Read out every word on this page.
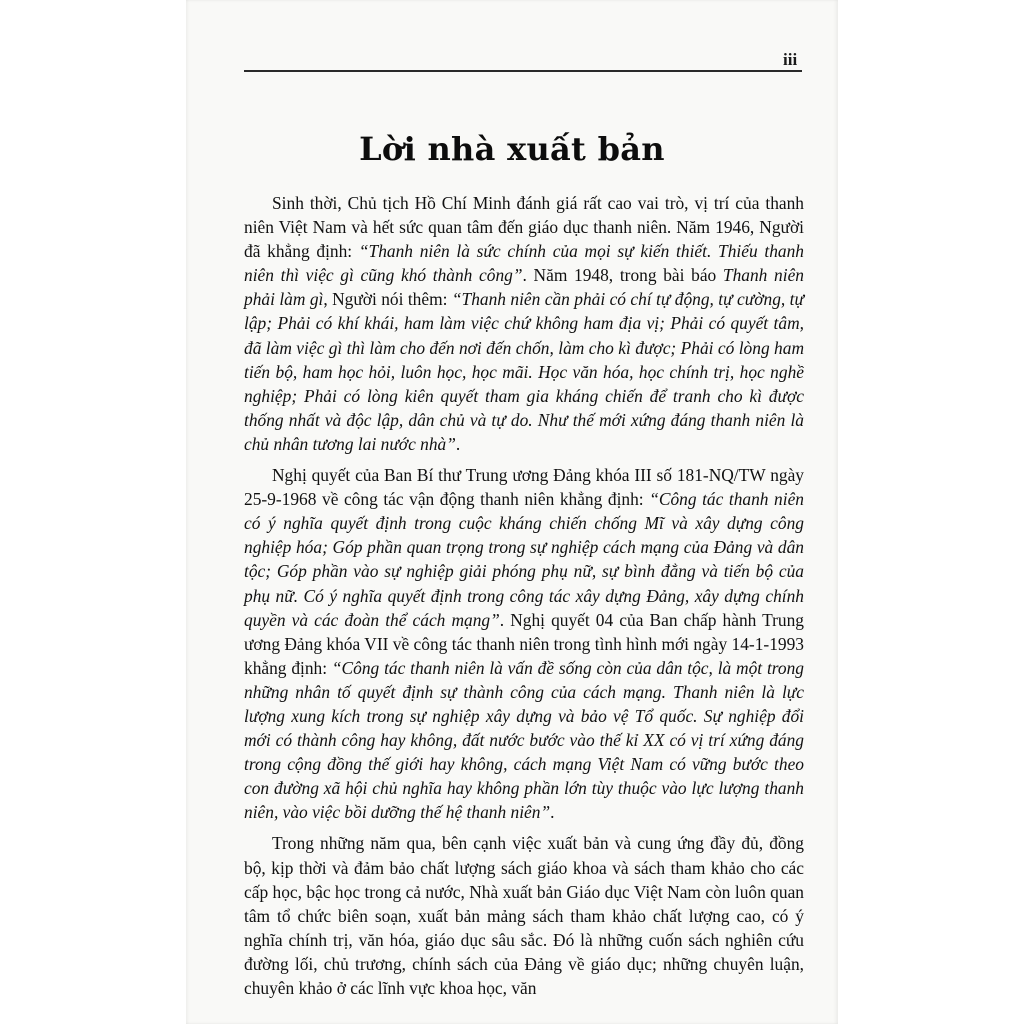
iii
Lời nhà xuất bản

Sinh thời, Chủ tịch Hồ Chí Minh đánh giá rất cao vai trò, vị trí của thanh niên Việt Nam và hết sức quan tâm đến giáo dục thanh niên. Năm 1946, Người đã khẳng định: “Thanh niên là sức chính của mọi sự kiến thiết. Thiếu thanh niên thì việc gì cũng khó thành công”. Năm 1948, trong bài báo Thanh niên phải làm gì, Người nói thêm: “Thanh niên cần phải có chí tự động, tự cường, tự lập; Phải có khí khái, ham làm việc chứ không ham địa vị; Phải có quyết tâm, đã làm việc gì thì làm cho đến nơi đến chốn, làm cho kì được; Phải có lòng ham tiến bộ, ham học hỏi, luôn học, học mãi. Học văn hóa, học chính trị, học nghề nghiệp; Phải có lòng kiên quyết tham gia kháng chiến để tranh cho kì được thống nhất và độc lập, dân chủ và tự do. Như thế mới xứng đáng thanh niên là chủ nhân tương lai nước nhà”.

Nghị quyết của Ban Bí thư Trung ương Đảng khóa III số 181-NQ/TW ngày 25-9-1968 về công tác vận động thanh niên khẳng định: “Công tác thanh niên có ý nghĩa quyết định trong cuộc kháng chiến chống Mĩ và xây dựng công nghiệp hóa; Góp phần quan trọng trong sự nghiệp cách mạng của Đảng và dân tộc; Góp phần vào sự nghiệp giải phóng phụ nữ, sự bình đẳng và tiến bộ của phụ nữ. Có ý nghĩa quyết định trong công tác xây dựng Đảng, xây dựng chính quyền và các đoàn thể cách mạng”. Nghị quyết 04 của Ban chấp hành Trung ương Đảng khóa VII về công tác thanh niên trong tình hình mới ngày 14-1-1993 khẳng định: “Công tác thanh niên là vấn đề sống còn của dân tộc, là một trong những nhân tố quyết định sự thành công của cách mạng. Thanh niên là lực lượng xung kích trong sự nghiệp xây dựng và bảo vệ Tổ quốc. Sự nghiệp đổi mới có thành công hay không, đất nước bước vào thế kỉ XX có vị trí xứng đáng trong cộng đồng thế giới hay không, cách mạng Việt Nam có vững bước theo con đường xã hội chủ nghĩa hay không phần lớn tùy thuộc vào lực lượng thanh niên, vào việc bồi dưỡng thế hệ thanh niên”.

Trong những năm qua, bên cạnh việc xuất bản và cung ứng đầy đủ, đồng bộ, kịp thời và đảm bảo chất lượng sách giáo khoa và sách tham khảo cho các cấp học, bậc học trong cả nước, Nhà xuất bản Giáo dục Việt Nam còn luôn quan tâm tổ chức biên soạn, xuất bản mảng sách tham khảo chất lượng cao, có ý nghĩa chính trị, văn hóa, giáo dục sâu sắc. Đó là những cuốn sách nghiên cứu đường lối, chủ trương, chính sách của Đảng về giáo dục; những chuyên luận, chuyên khảo ở các lĩnh vực khoa học, văn
